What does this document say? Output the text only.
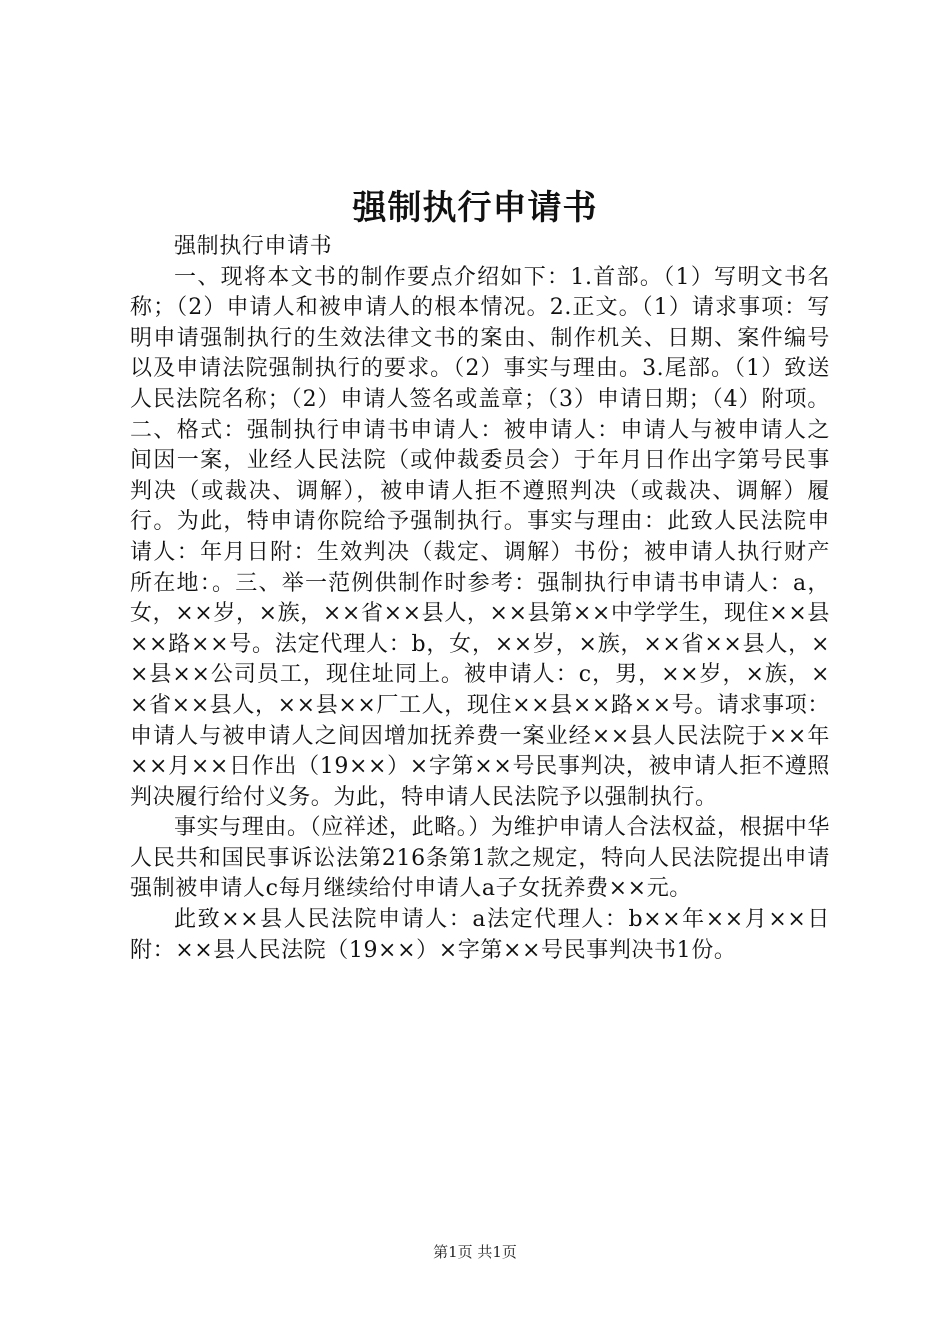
强制执行申请书

强制执行申请书

一、现将本文书的制作要点介绍如下：1.首部。（1）写明文书名称；（2）申请人和被申请人的根本情况。2.正文。（1）请求事项：写明申请强制执行的生效法律文书的案由、制作机关、日期、案件编号以及申请法院强制执行的要求。（2）事实与理由。3.尾部。（1）致送人民法院名称；（2）申请人签名或盖章；（3）申请日期；（4）附项。二、格式：强制执行申请书申请人：被申请人：申请人与被申请人之间因一案，业经人民法院（或仲裁委员会）于年月日作出字第号民事判决（或裁决、调解），被申请人拒不遵照判决（或裁决、调解）履行。为此，特申请你院给予强制执行。事实与理由：此致人民法院申请人：年月日附：生效判决（裁定、调解）书份；被申请人执行财产所在地：。三、举一范例供制作时参考：强制执行申请书申请人：a，女，××岁，×族，××省××县人，××县第××中学学生，现住××县××路××号。法定代理人：b，女，××岁，×族，××省××县人，××县××公司员工，现住址同上。被申请人：c，男，××岁，×族，××省××县人，××县××厂工人，现住××县××路××号。请求事项：申请人与被申请人之间因增加抚养费一案业经××县人民法院于××年××月××日作出（19××）×字第××号民事判决，被申请人拒不遵照判决履行给付义务。为此，特申请人民法院予以强制执行。

事实与理由。（应祥述，此略。）为维护申请人合法权益，根据中华人民共和国民事诉讼法第216条第1款之规定，特向人民法院提出申请强制被申请人c每月继续给付申请人a子女抚养费××元。

此致××县人民法院申请人：a法定代理人：b××年××月××日附：××县人民法院（19××）×字第××号民事判决书1份。

第1页 共1页
